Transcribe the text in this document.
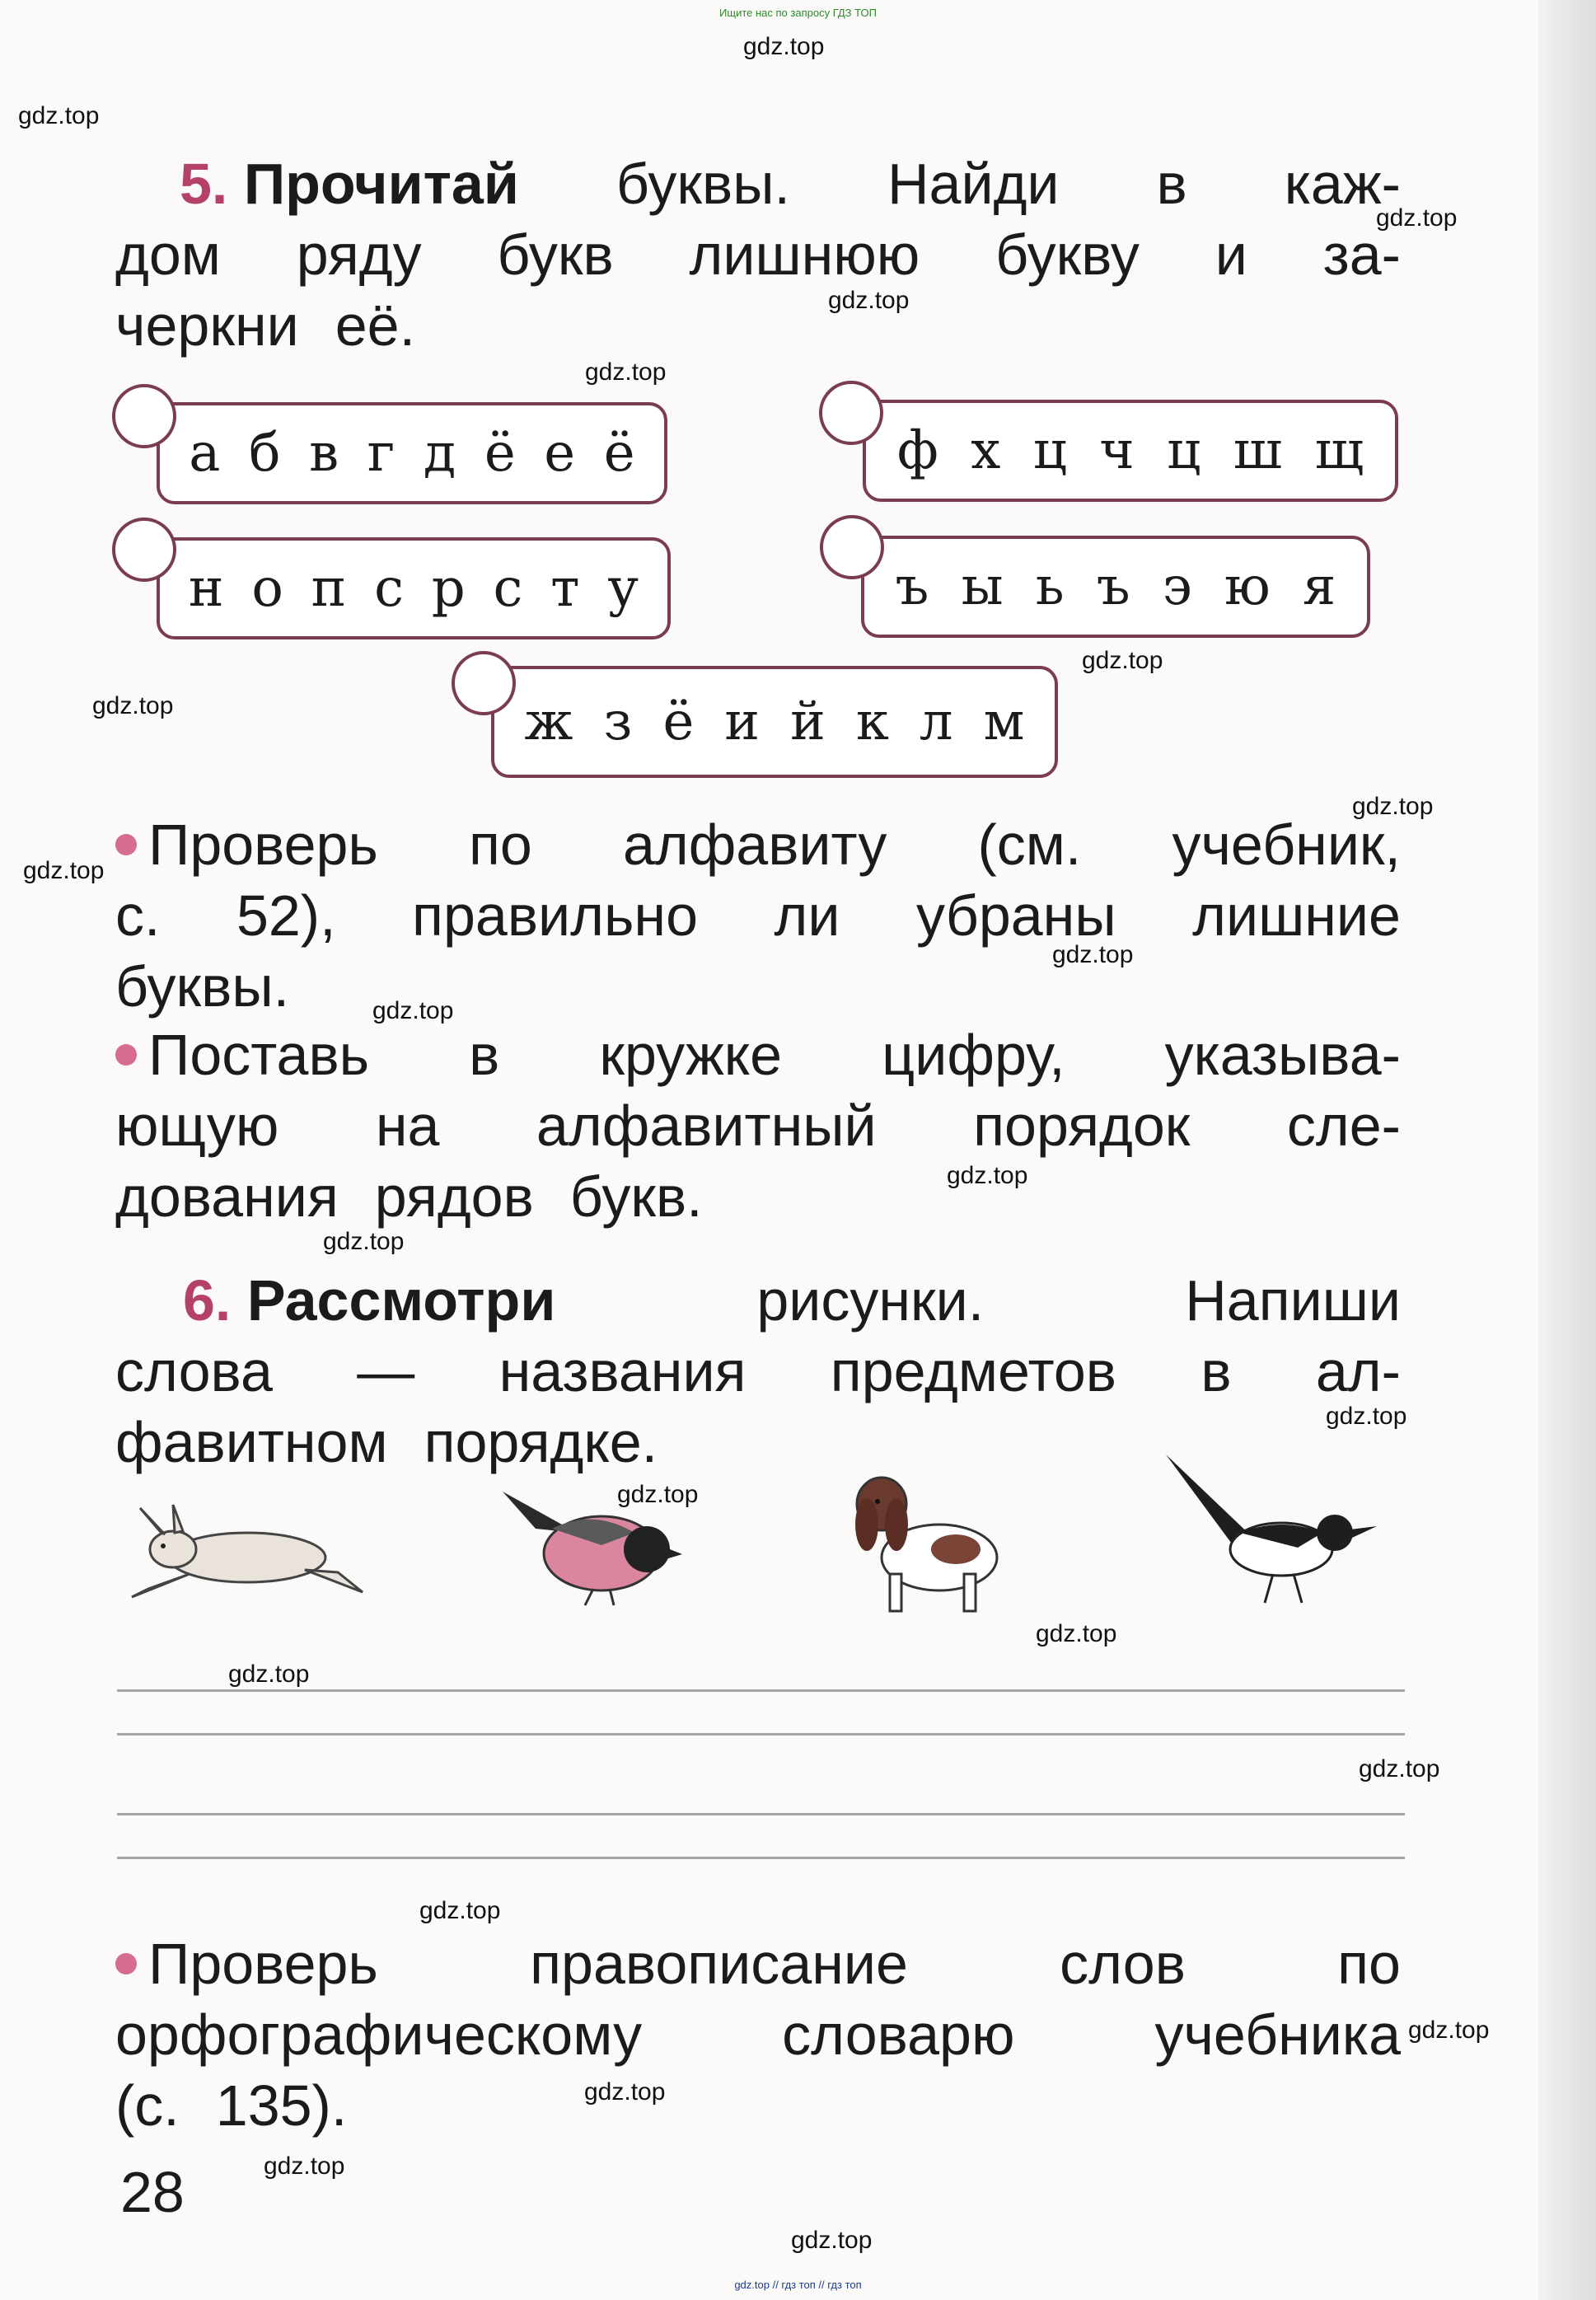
Ищите нас по запросу ГДЗ ТОП
gdz.top
gdz.top
gdz.top
gdz.top
gdz.top
gdz.top
gdz.top
gdz.top
gdz.top
gdz.top
gdz.top
gdz.top
gdz.top
gdz.top
gdz.top
gdz.top
gdz.top
gdz.top
gdz.top
gdz.top
gdz.top
gdz.top
gdz.top
5. Прочитай буквы. Найди в каж-
дом ряду букв лишнюю букву и за-
черкни её.
а б в г д ё е ё	ф х ц ч ц ш щ
н о п с р с т у	ъ ы ь ъ э ю я
ж з ё и й к л м
Проверь по алфавиту (см. учебник,
с. 52), правильно ли убраны лишние
буквы.
Поставь в кружке цифру, указыва-
ющую на алфавитный порядок сле-
дования рядов букв.
6. Рассмотри	рисунки.	Напиши
слова — названия предметов в ал-
фавитном порядке.
Проверь	правописание	слов	по
орфографическому словарю учебника
(с. 135).
28
gdz.top // гдз топ // гдз топ
